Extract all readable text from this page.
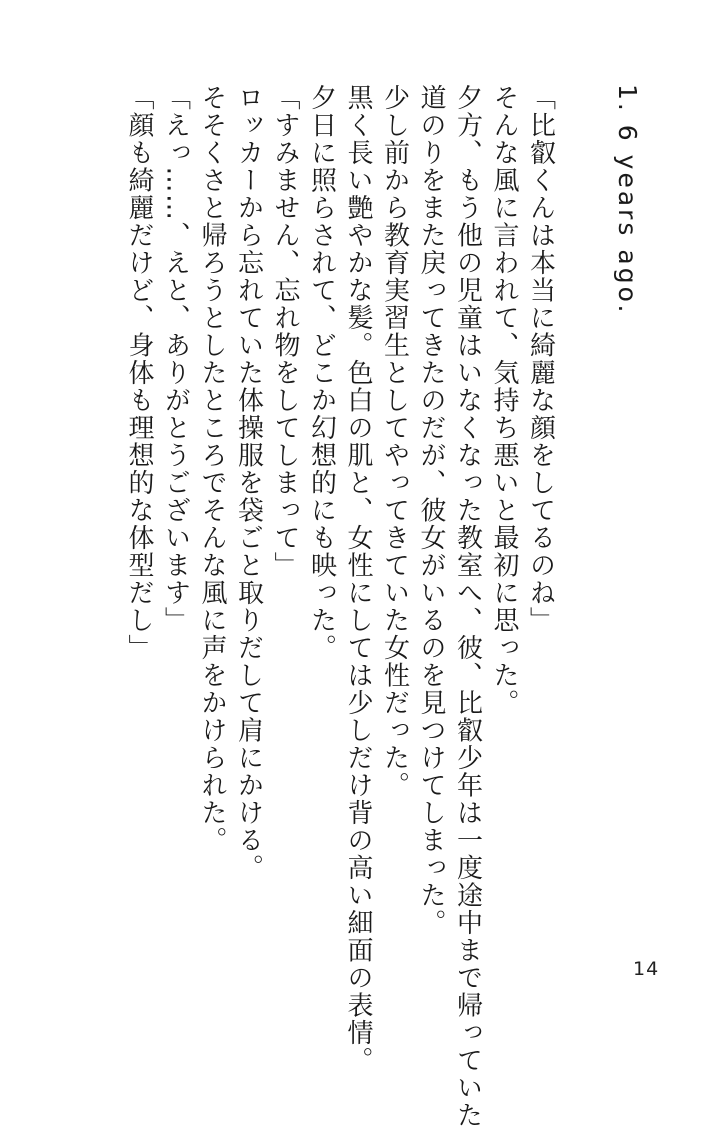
1. 6 years ago.
「比叡くんは本当に綺麗な顔をしてるのね」
そんな風に言われて、気持ち悪いと最初に思った。
夕方、もう他の児童はいなくなった教室へ、彼、比叡少年は一度途中まで帰っていた
道のりをまた戻ってきたのだが、彼女がいるのを見つけてしまった。
少し前から教育実習生としてやってきていた女性だった。
黒く長い艶やかな髪。色白の肌と、女性にしては少しだけ背の高い細面の表情。
夕日に照らされて、どこか幻想的にも映った。
「すみません、忘れ物をしてしまって」
ロッカーから忘れていた体操服を袋ごと取りだして肩にかける。
そそくさと帰ろうとしたところでそんな風に声をかけられた。
「えっ……、えと、ありがとうございます」
「顔も綺麗だけど、身体も理想的な体型だし」
14
